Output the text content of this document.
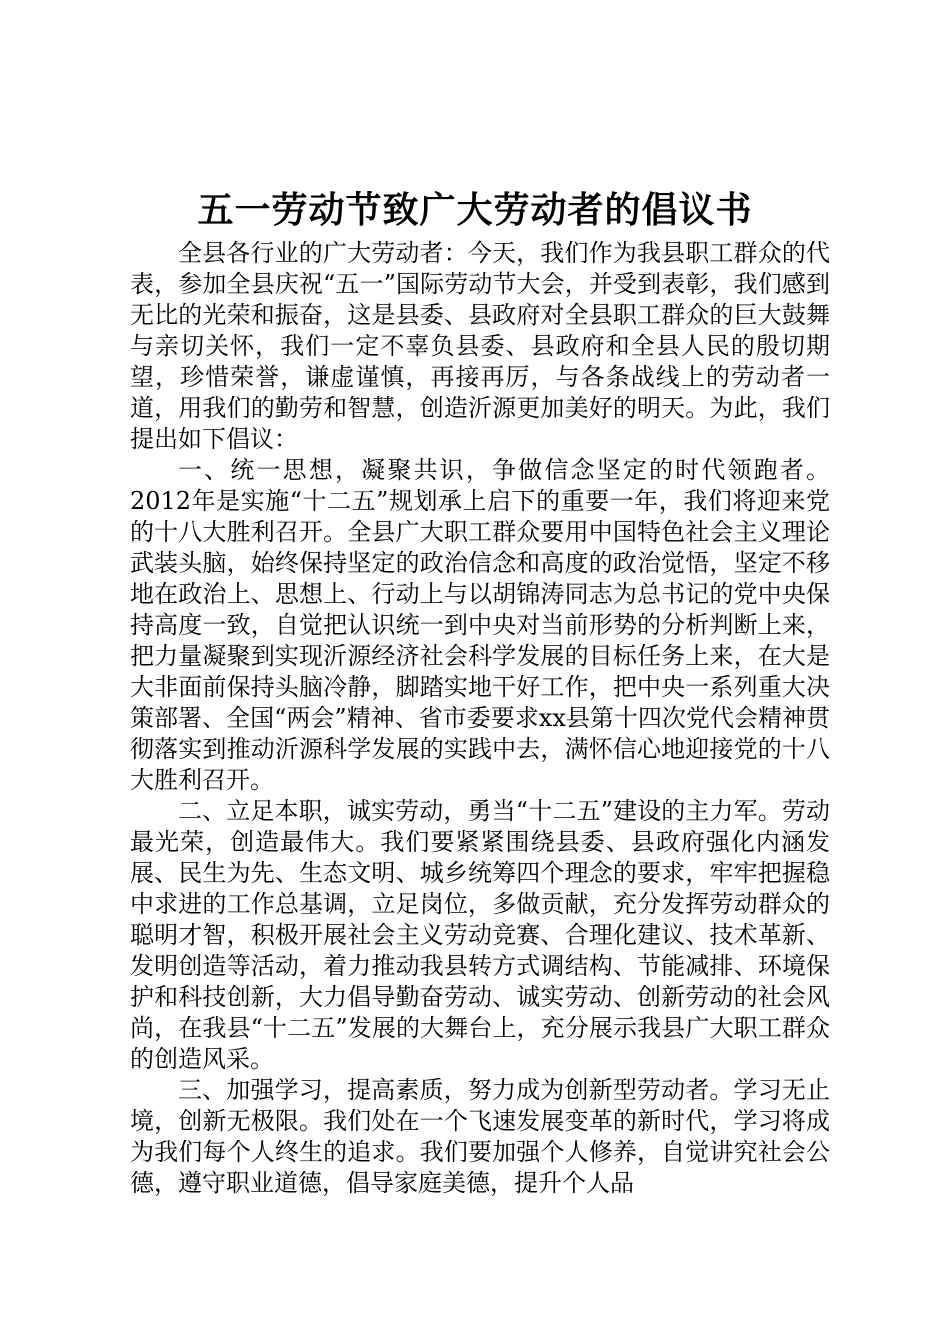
五一劳动节致广大劳动者的倡议书

全县各行业的广大劳动者：今天，我们作为我县职工群众的代表，参加全县庆祝“五一”国际劳动节大会，并受到表彰，我们感到无比的光荣和振奋，这是县委、县政府对全县职工群众的巨大鼓舞与亲切关怀，我们一定不辜负县委、县政府和全县人民的殷切期望，珍惜荣誉，谦虚谨慎，再接再厉，与各条战线上的劳动者一道，用我们的勤劳和智慧，创造沂源更加美好的明天。为此，我们提出如下倡议：

一、统一思想，凝聚共识，争做信念坚定的时代领跑者。2012年是实施“十二五”规划承上启下的重要一年，我们将迎来党的十八大胜利召开。全县广大职工群众要用中国特色社会主义理论武装头脑，始终保持坚定的政治信念和高度的政治觉悟，坚定不移地在政治上、思想上、行动上与以胡锦涛同志为总书记的党中央保持高度一致，自觉把认识统一到中央对当前形势的分析判断上来，把力量凝聚到实现沂源经济社会科学发展的目标任务上来，在大是大非面前保持头脑冷静，脚踏实地干好工作，把中央一系列重大决策部署、全国“两会”精神、省市委要求xx县第十四次党代会精神贯彻落实到推动沂源科学发展的实践中去，满怀信心地迎接党的十八大胜利召开。

二、立足本职，诚实劳动，勇当“十二五”建设的主力军。劳动最光荣，创造最伟大。我们要紧紧围绕县委、县政府强化内涵发展、民生为先、生态文明、城乡统筹四个理念的要求，牢牢把握稳中求进的工作总基调，立足岗位，多做贡献，充分发挥劳动群众的聪明才智，积极开展社会主义劳动竞赛、合理化建议、技术革新、发明创造等活动，着力推动我县转方式调结构、节能减排、环境保护和科技创新，大力倡导勤奋劳动、诚实劳动、创新劳动的社会风尚，在我县“十二五”发展的大舞台上，充分展示我县广大职工群众的创造风采。

三、加强学习，提高素质，努力成为创新型劳动者。学习无止境，创新无极限。我们处在一个飞速发展变革的新时代，学习将成为我们每个人终生的追求。我们要加强个人修养，自觉讲究社会公德，遵守职业道德，倡导家庭美德，提升个人品
